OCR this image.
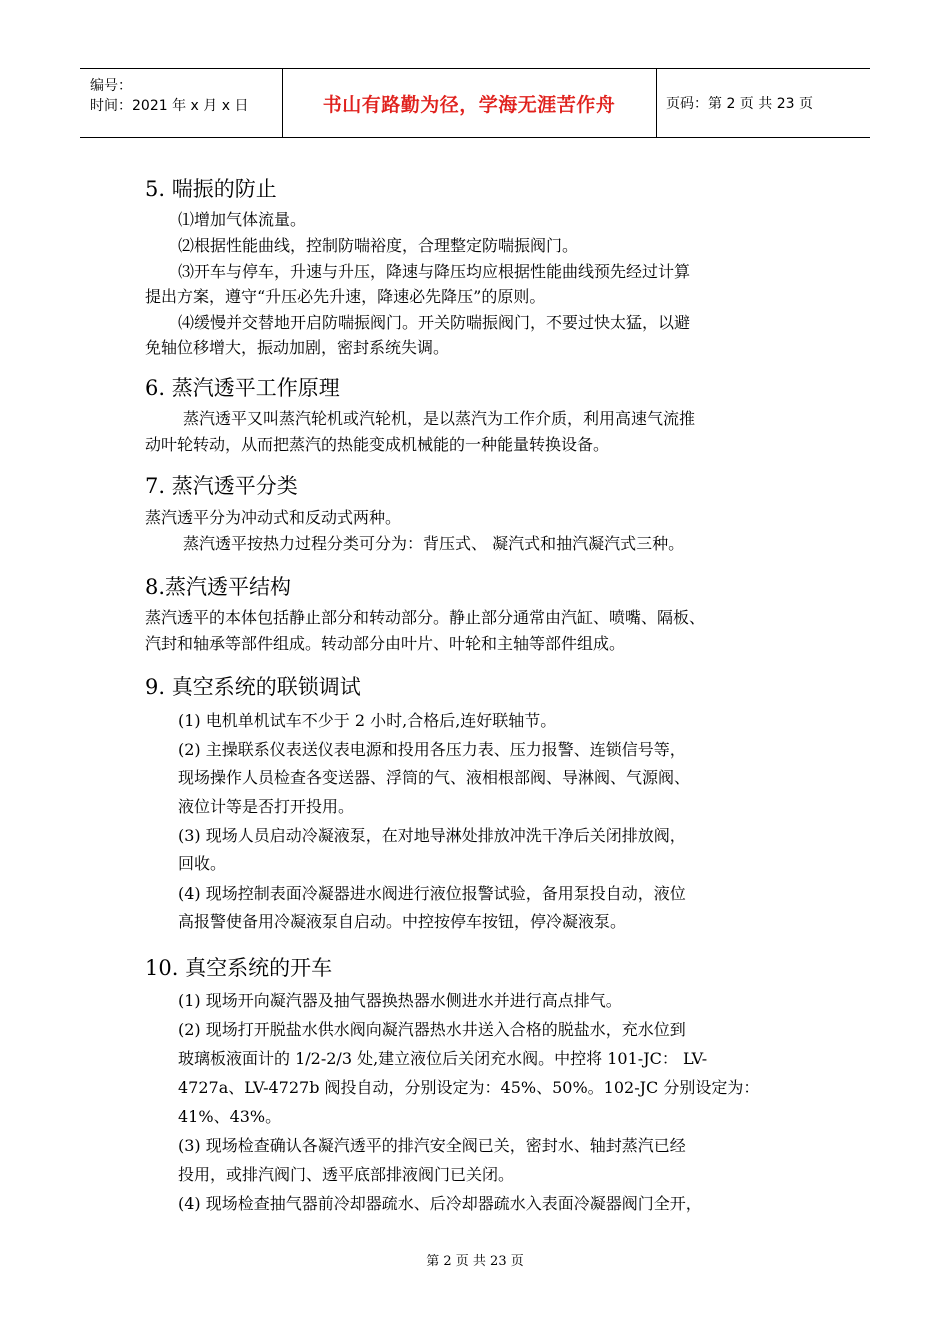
编号：
时间：2021 年 x 月 x 日	书山有路勤为径，学海无涯苦作舟	页码：第 2 页 共 23 页
5. 喘振的防止
⑴增加气体流量。
⑵根据性能曲线，控制防喘裕度，合理整定防喘振阀门。
⑶开车与停车，升速与升压，降速与降压均应根据性能曲线预先经过计算
提出方案，遵守“升压必先升速，降速必先降压”的原则。
⑷缓慢并交替地开启防喘振阀门。开关防喘振阀门，不要过快太猛，以避
免轴位移增大，振动加剧，密封系统失调。
6. 蒸汽透平工作原理
蒸汽透平又叫蒸汽轮机或汽轮机，是以蒸汽为工作介质，利用高速气流推
动叶轮转动，从而把蒸汽的热能变成机械能的一种能量转换设备。
7. 蒸汽透平分类
蒸汽透平分为冲动式和反动式两种。
蒸汽透平按热力过程分类可分为：背压式、 凝汽式和抽汽凝汽式三种。
8.蒸汽透平结构
蒸汽透平的本体包括静止部分和转动部分。静止部分通常由汽缸、喷嘴、隔板、
汽封和轴承等部件组成。转动部分由叶片、叶轮和主轴等部件组成。
9. 真空系统的联锁调试
(1) 电机单机试车不少于 2 小时,合格后,连好联轴节。
(2) 主操联系仪表送仪表电源和投用各压力表、压力报警、连锁信号等，
现场操作人员检查各变送器、浮筒的气、液相根部阀、导淋阀、气源阀、
液位计等是否打开投用。
(3) 现场人员启动冷凝液泵，在对地导淋处排放冲洗干净后关闭排放阀，
回收。
(4) 现场控制表面冷凝器进水阀进行液位报警试验，备用泵投自动，液位
高报警使备用冷凝液泵自启动。中控按停车按钮，停冷凝液泵。
10. 真空系统的开车
(1) 现场开向凝汽器及抽气器换热器水侧进水并进行高点排气。
(2) 现场打开脱盐水供水阀向凝汽器热水井送入合格的脱盐水，充水位到
玻璃板液面计的 1/2-2/3 处,建立液位后关闭充水阀。中控将 101-JC： LV-
4727a、LV-4727b 阀投自动，分别设定为：45%、50%。102-JC 分别设定为：
41%、43%。
(3) 现场检查确认各凝汽透平的排汽安全阀已关，密封水、轴封蒸汽已经
投用，或排汽阀门、透平底部排液阀门已关闭。
(4) 现场检查抽气器前冷却器疏水、后冷却器疏水入表面冷凝器阀门全开，
第 2 页 共 23 页
